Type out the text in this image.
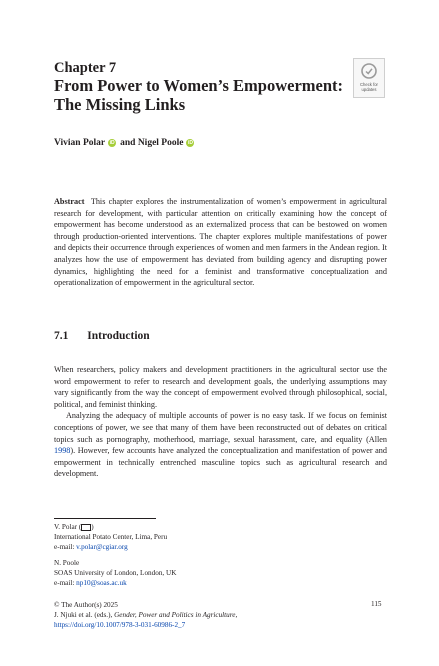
Chapter 7
From Power to Women’s Empowerment:
The Missing Links
Check for
updates
Vivian Polar iD and
Nigel Poole iD
Abstract This chapter explores the instrumentalization of women’s empowerment in agricultural research for development, with particular attention on critically examining how the concept of empowerment has become understood as an externalized process that can be bestowed on women through production-oriented interventions. The chapter explores multiple manifestations of power and depicts their occurrence through experiences of women and men farmers in the Andean region. It analyzes how the use of empowerment has deviated from building agency and disrupting power dynamics, highlighting the need for a feminist and transformative conceptualization and operationalization of empowerment in the agricultural sector.
7.1 Introduction

When researchers, policy makers and development practitioners in the agricultural sector use the word empowerment to refer to research and development goals, the underlying assumptions may vary significantly from the way the concept of empowerment evolved through philosophical, social, political, and feminist thinking.

Analyzing the adequacy of multiple accounts of power is no easy task. If we focus on feminist conceptions of power, we see that many of them have been reconstructed out of debates on critical topics such as pornography, motherhood, marriage, sexual harassment, care, and equality (Allen 1998). However, few accounts have analyzed the conceptualization and manifestation of power and empowerment in technically entrenched masculine topics such as agricultural research and development.

V. Polar ( )
International Potato Center, Lima, Peru
e-mail: v.polar@cgiar.org
N. Poole
SOAS University of London, London, UK
e-mail: np10@soas.ac.uk
© The Author(s) 2025
J. Njuki et al. (eds.), Gender, Power and Politics in Agriculture,
https://doi.org/10.1007/978-3-031-60986-2_7
115
